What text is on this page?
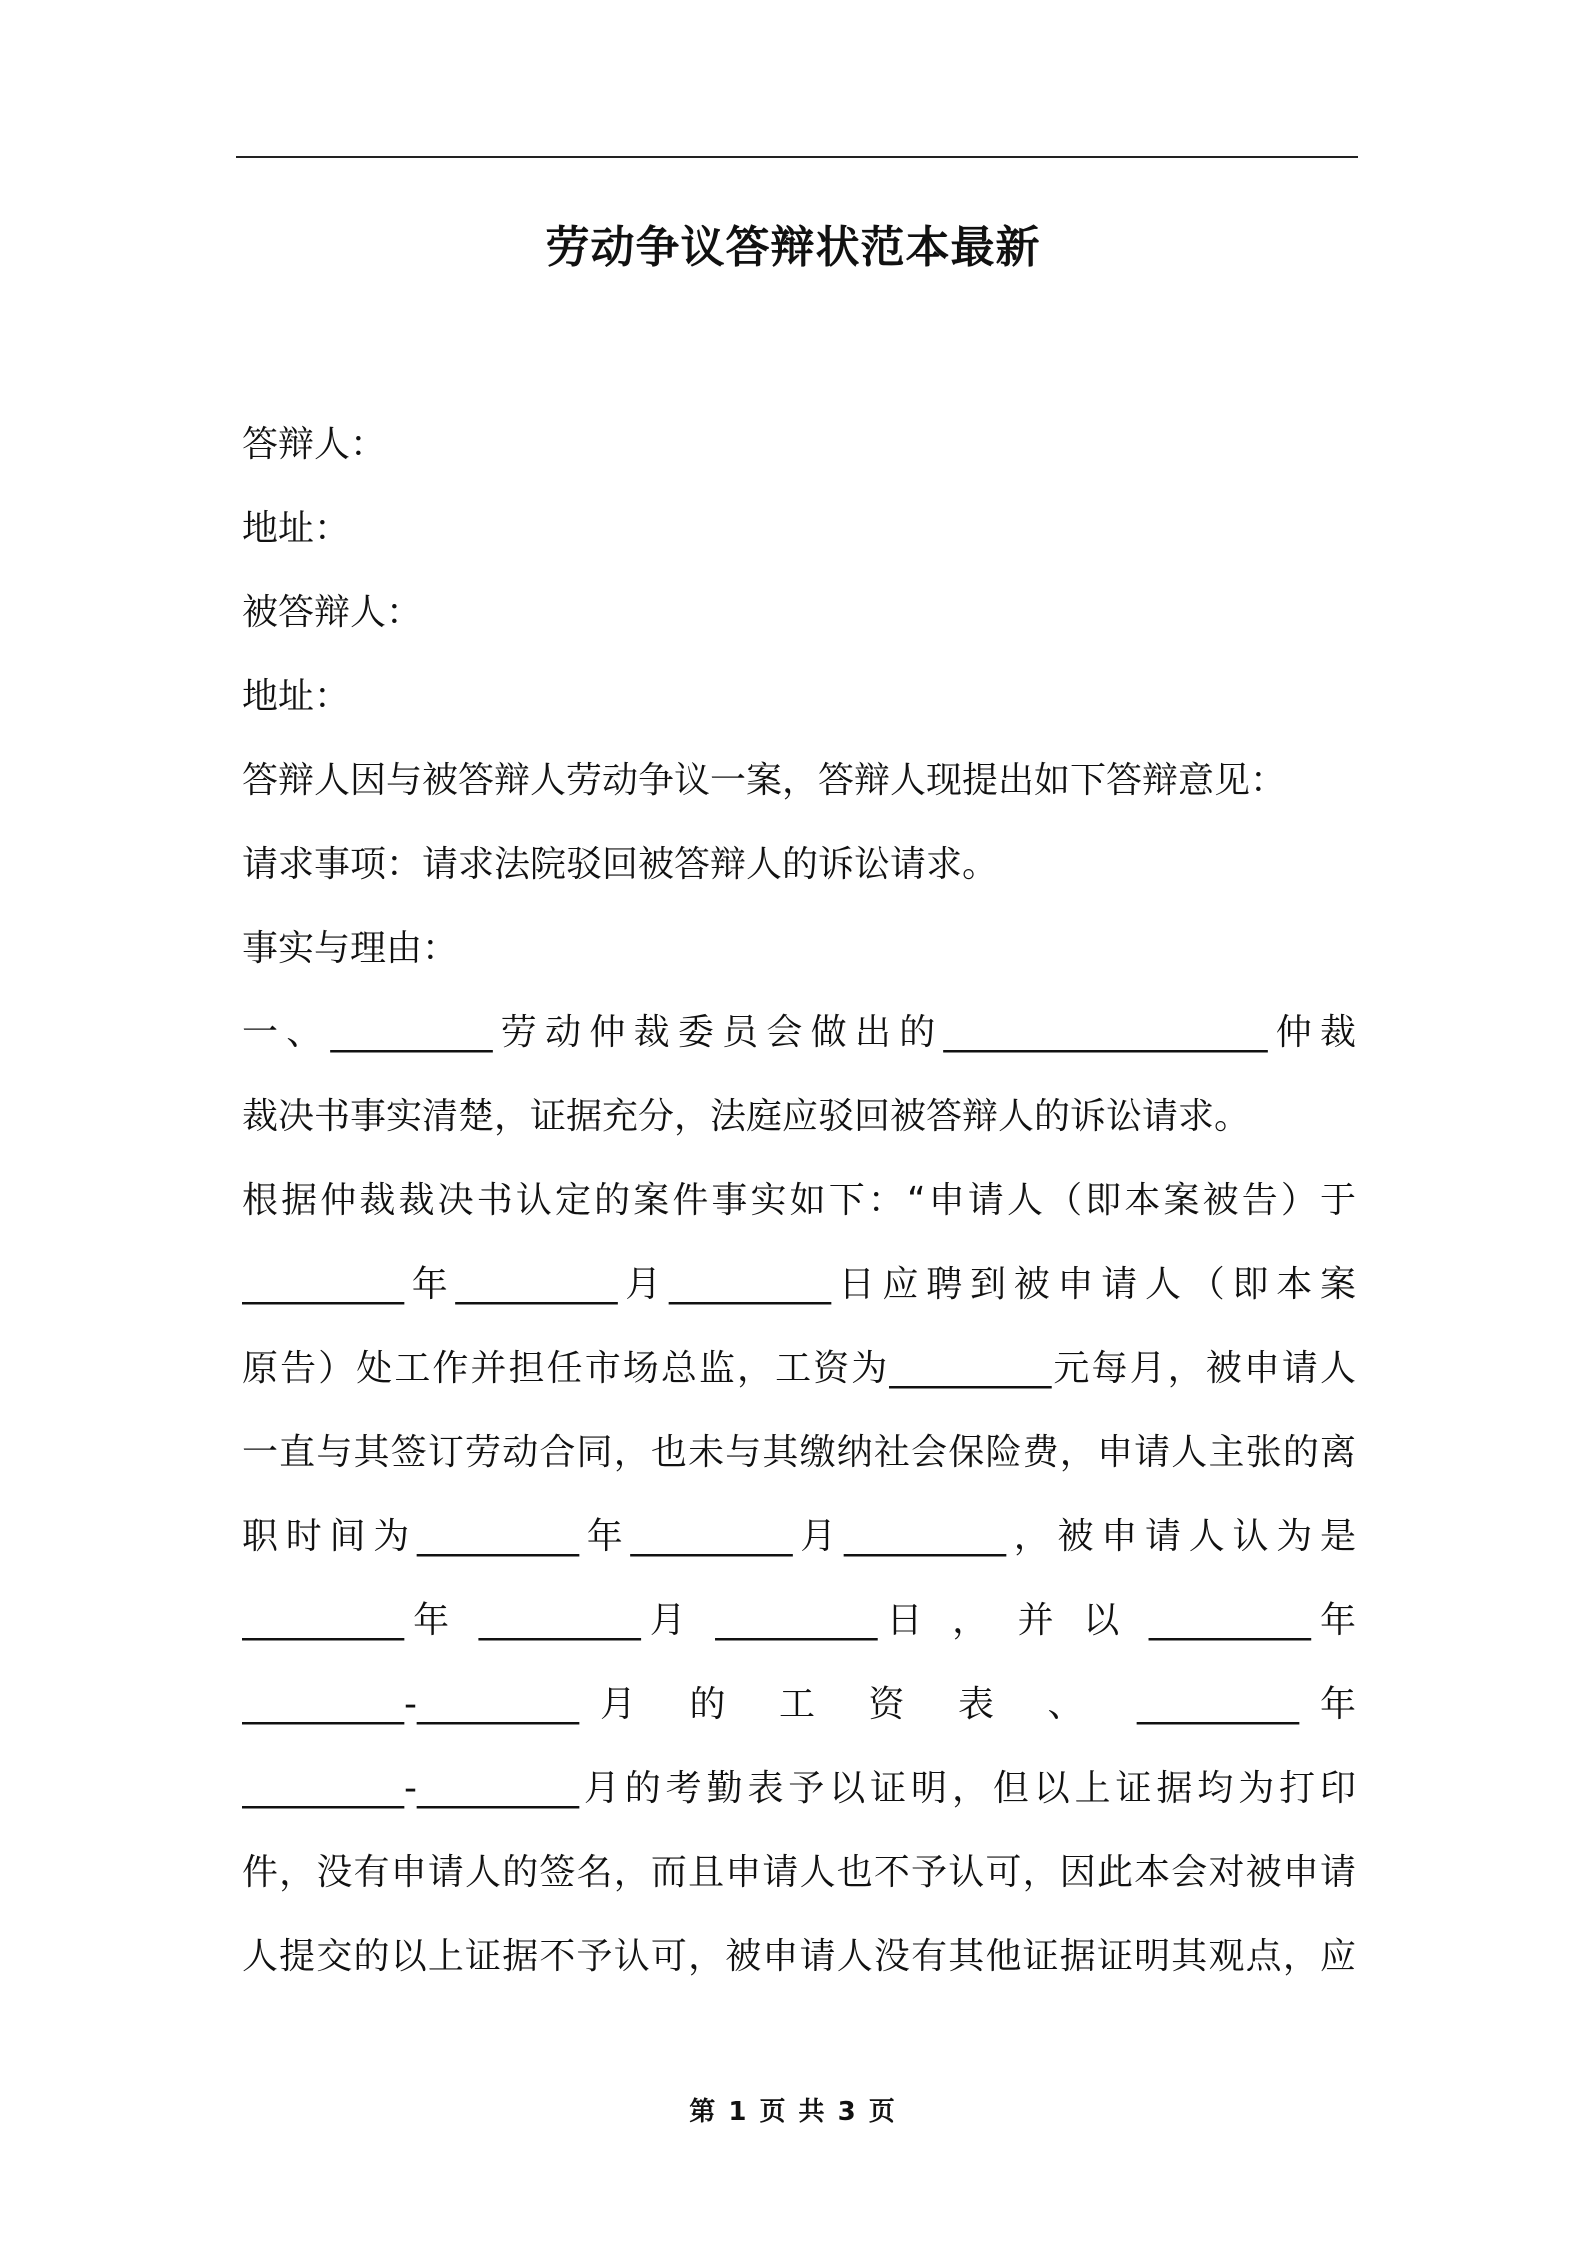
劳动争议答辩状范本最新
答辩人：
地址：
被答辩人：
地址：
答辩人因与被答辩人劳动争议一案，答辩人现提出如下答辩意见：
请求事项：请求法院驳回被答辩人的诉讼请求。
事实与理由：
一、_________劳动仲裁委员会做出的__________________仲裁
裁决书事实清楚，证据充分，法庭应驳回被答辩人的诉讼请求。
根据仲裁裁决书认定的案件事实如下：“申请人（即本案被告）于
_________年_________月_________日应聘到被申请人（即本案
原告）处工作并担任市场总监，工资为_________元每月，被申请人
一直与其签订劳动合同，也未与其缴纳社会保险费，申请人主张的离
职时间为_________年_________月_________，被申请人认为是
_________年 _________月 _________日 ， 并 以 _________年
_________-_________月 的 工 资 表 、 _________年
_________-_________月的考勤表予以证明，但以上证据均为打印
件，没有申请人的签名，而且申请人也不予认可，因此本会对被申请
人提交的以上证据不予认可，被申请人没有其他证据证明其观点，应
第 1 页 共 3 页
